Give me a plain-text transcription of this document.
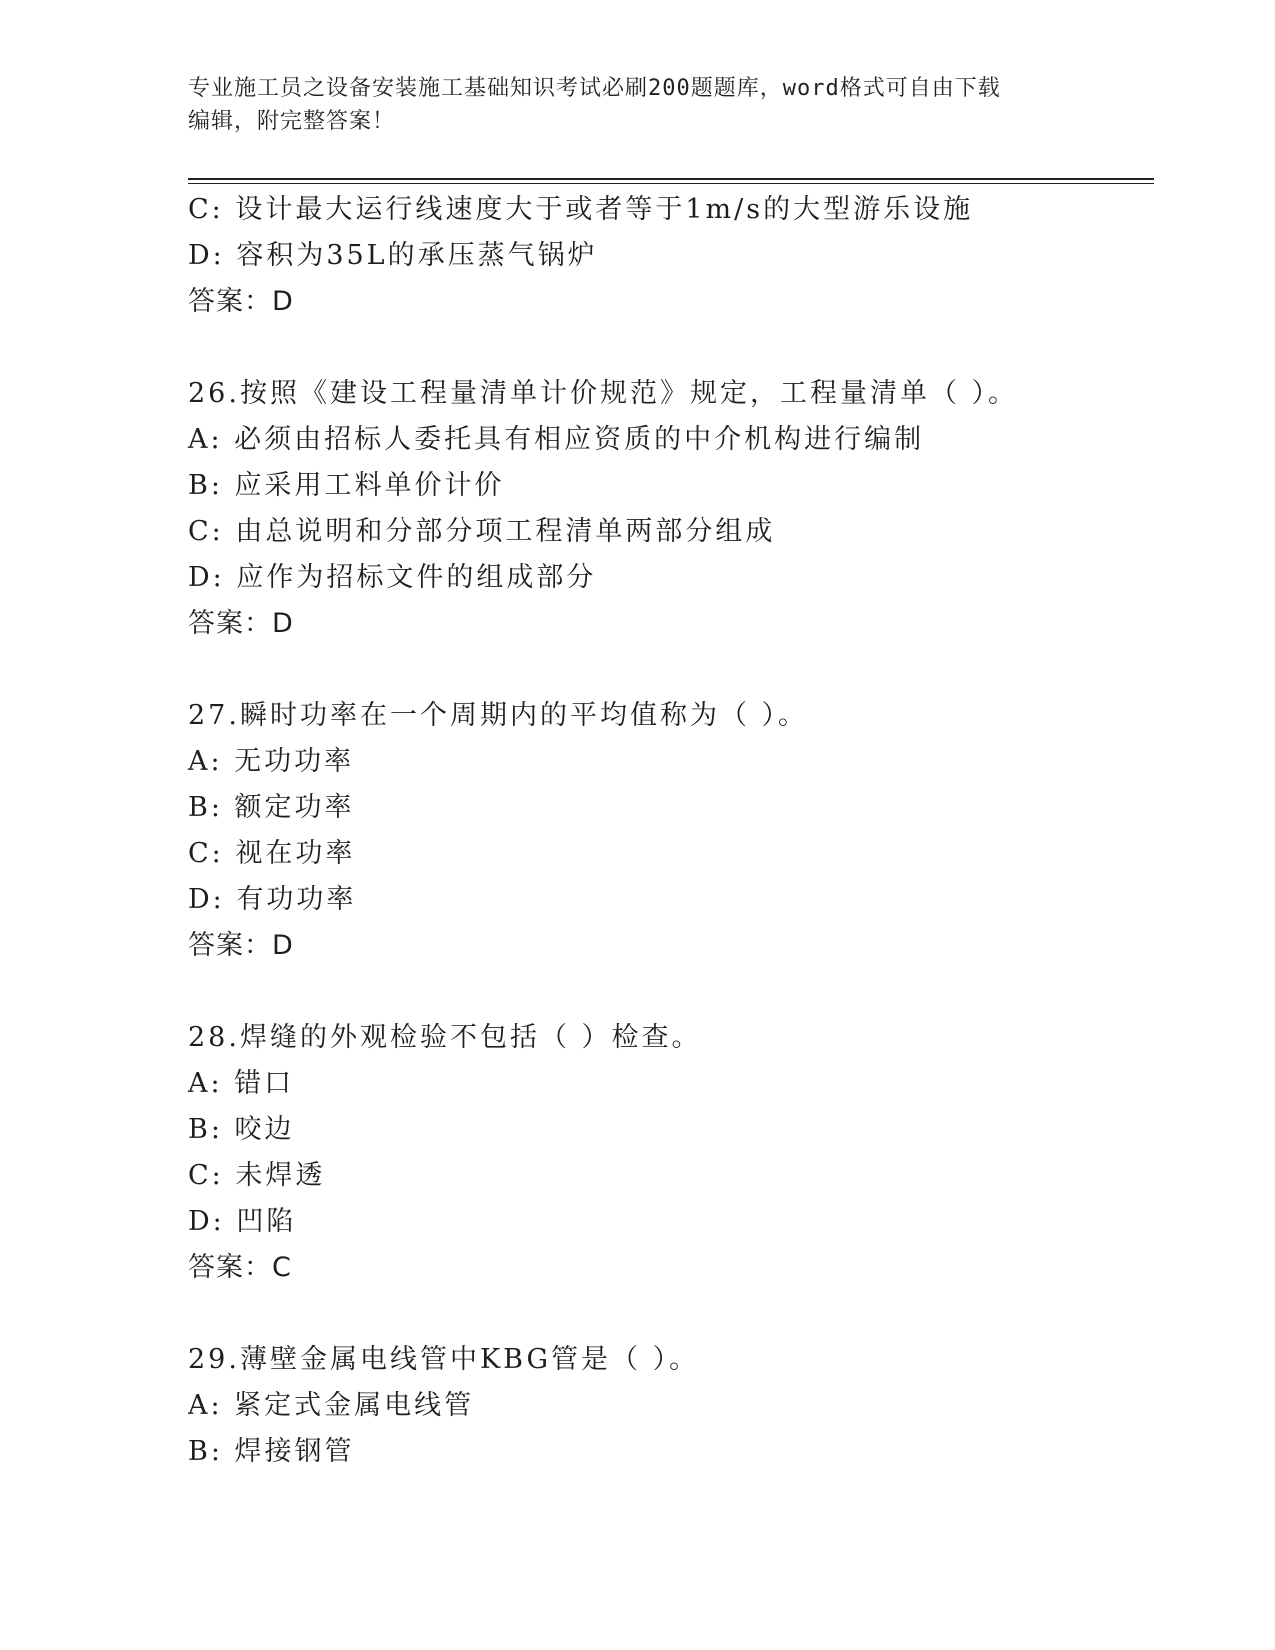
专业施工员之设备安装施工基础知识考试必刷200题题库，word格式可自由下载
编辑，附完整答案！
C: 设计最大运行线速度大于或者等于1m/s的大型游乐设施
D: 容积为35L的承压蒸气锅炉
答案：D
26.按照《建设工程量清单计价规范》规定，工程量清单（ ）。
A: 必须由招标人委托具有相应资质的中介机构进行编制
B: 应采用工料单价计价
C: 由总说明和分部分项工程清单两部分组成
D: 应作为招标文件的组成部分
答案：D
27.瞬时功率在一个周期内的平均值称为（ ）。
A: 无功功率
B: 额定功率
C: 视在功率
D: 有功功率
答案：D
28.焊缝的外观检验不包括（ ）检查。
A: 错口
B: 咬边
C: 未焊透
D: 凹陷
答案：C
29.薄壁金属电线管中KBG管是（ ）。
A: 紧定式金属电线管
B: 焊接钢管
